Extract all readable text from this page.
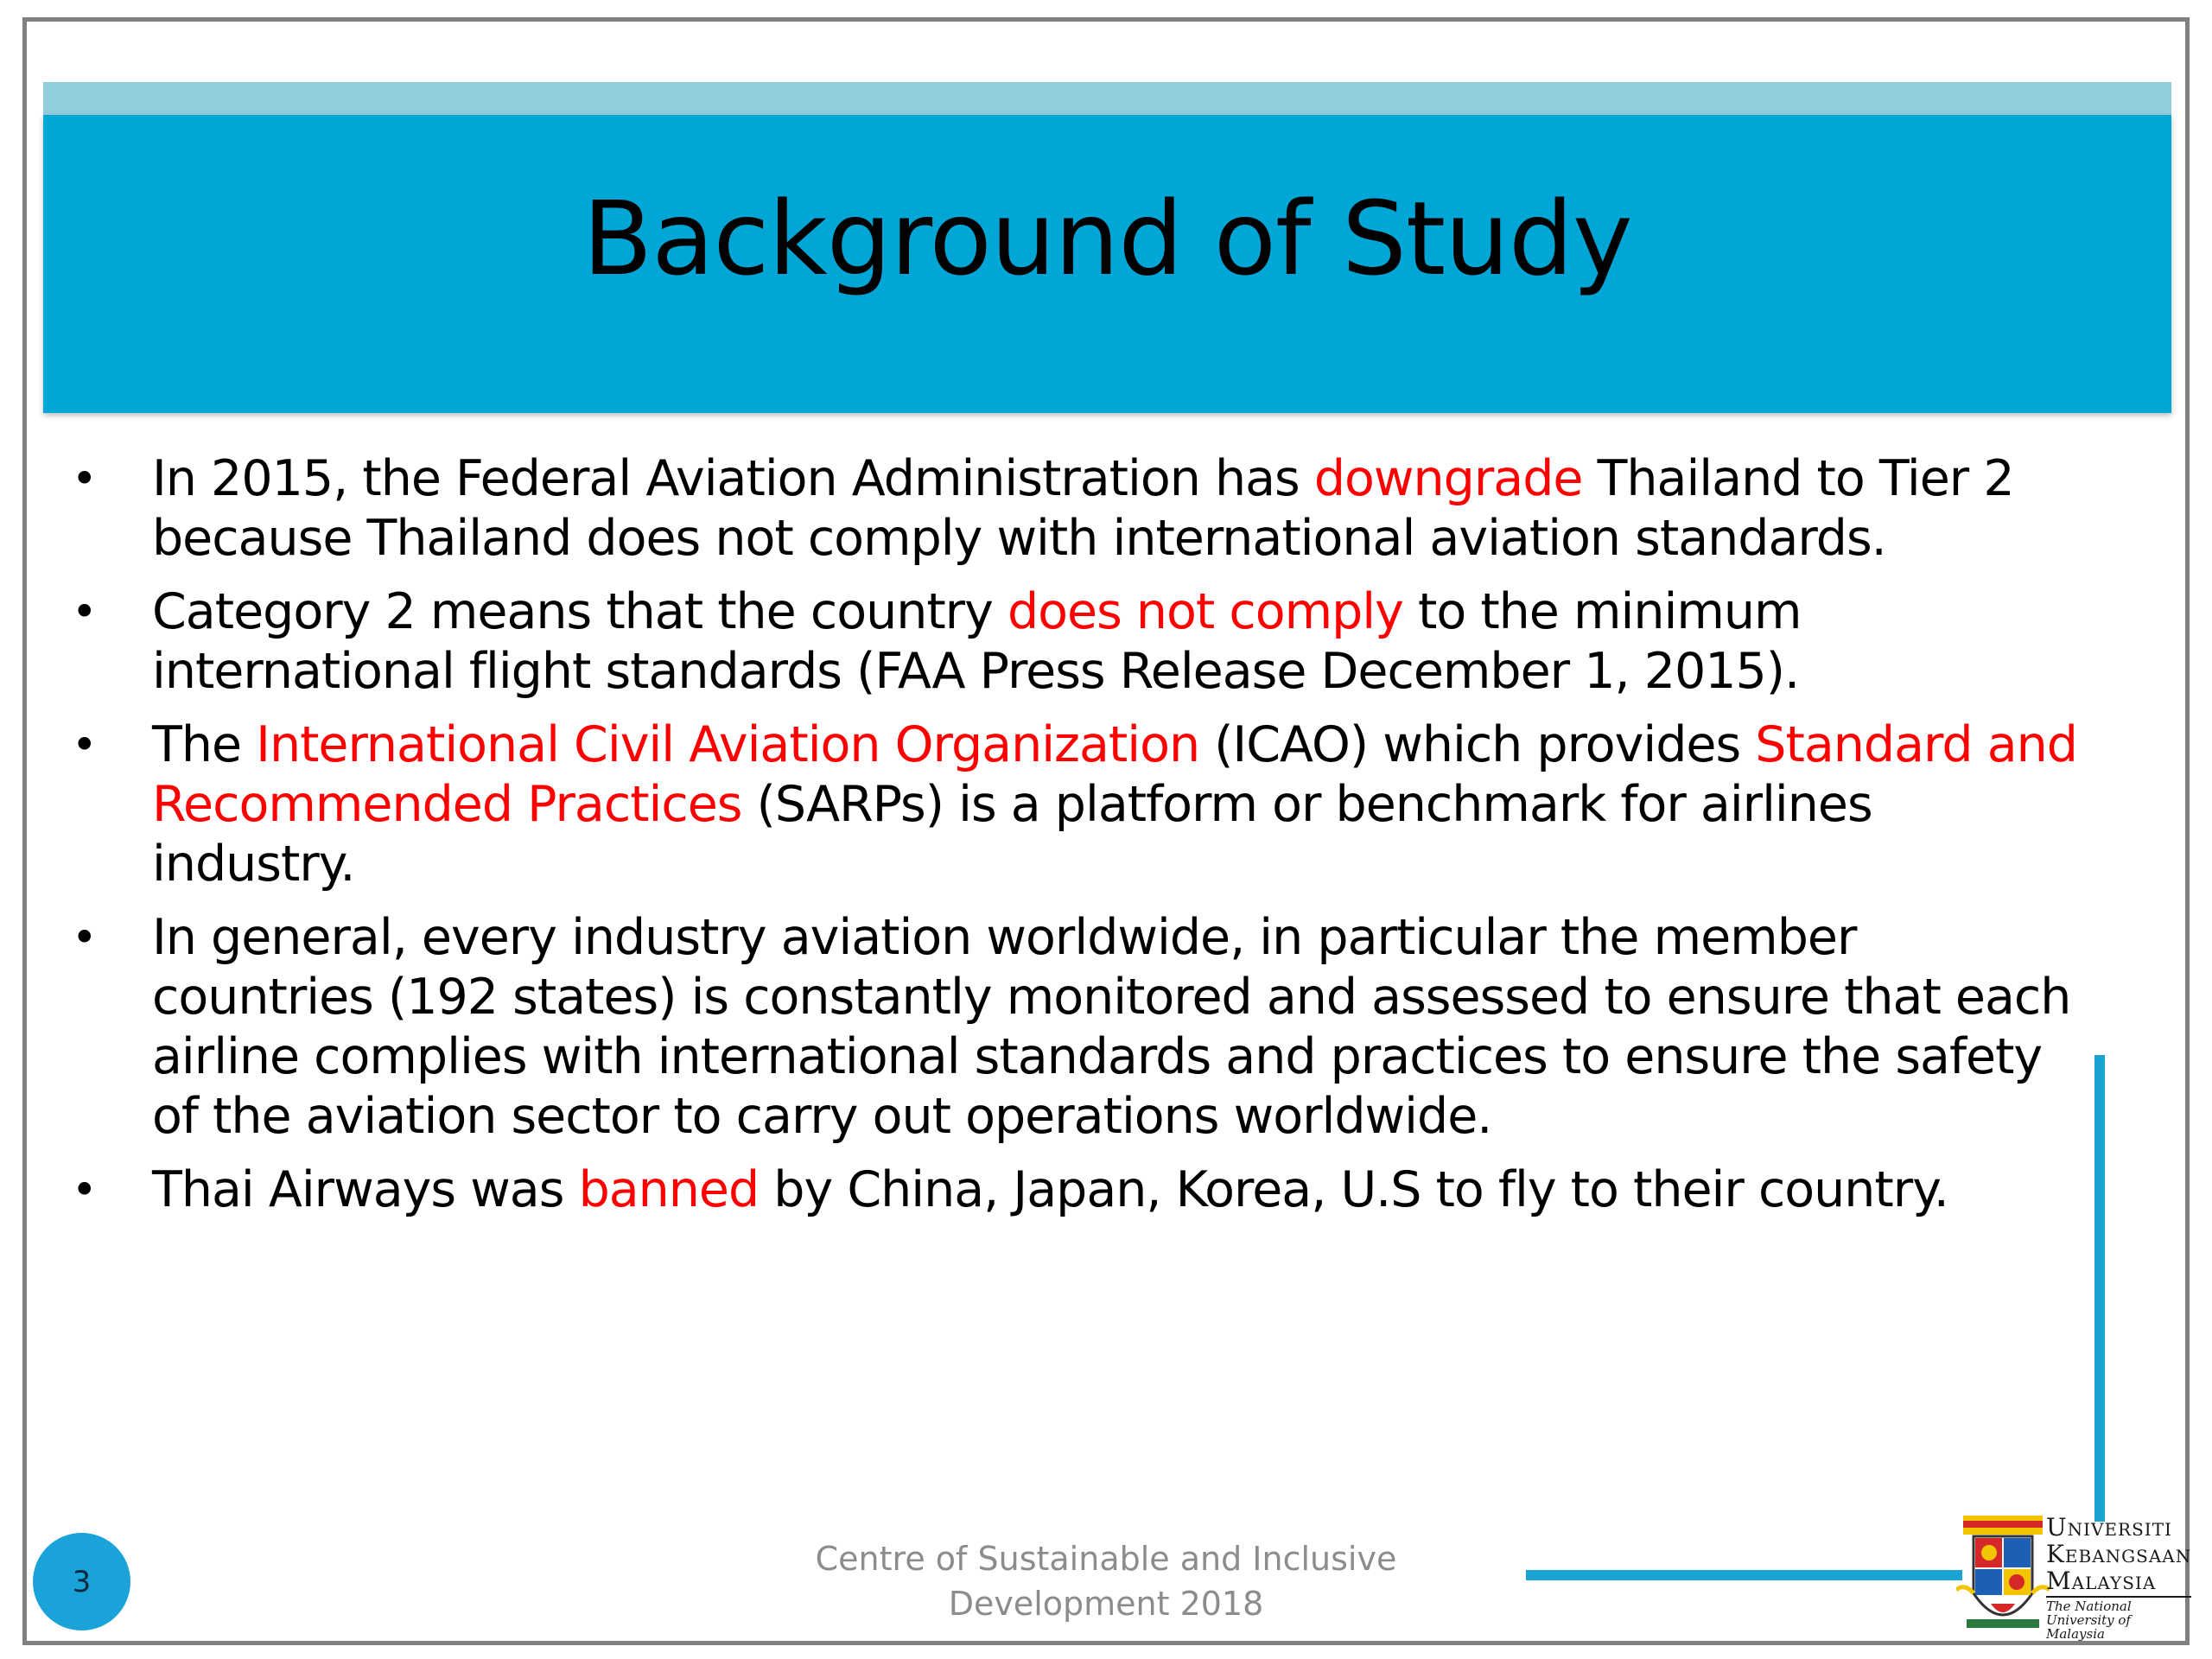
Background of Study
• In 2015, the Federal Aviation Administration has downgrade Thailand to Tier 2 because Thailand does not comply with international aviation standards.
• Category 2 means that the country does not comply to the minimum international flight standards (FAA Press Release December 1, 2015).
• The International Civil Aviation Organization (ICAO) which provides Standard and Recommended Practices (SARPs) is a platform or benchmark for airlines industry.
• In general, every industry aviation worldwide, in particular the member countries (192 states) is constantly monitored and assessed to ensure that each airline complies with international standards and practices to ensure the safety of the aviation sector to carry out operations worldwide.
• Thai Airways was banned by China, Japan, Korea, U.S to fly to their country.
3
Centre of Sustainable and Inclusive
Development 2018
Universiti
Kebangsaan
Malaysia
The National University of Malaysia
